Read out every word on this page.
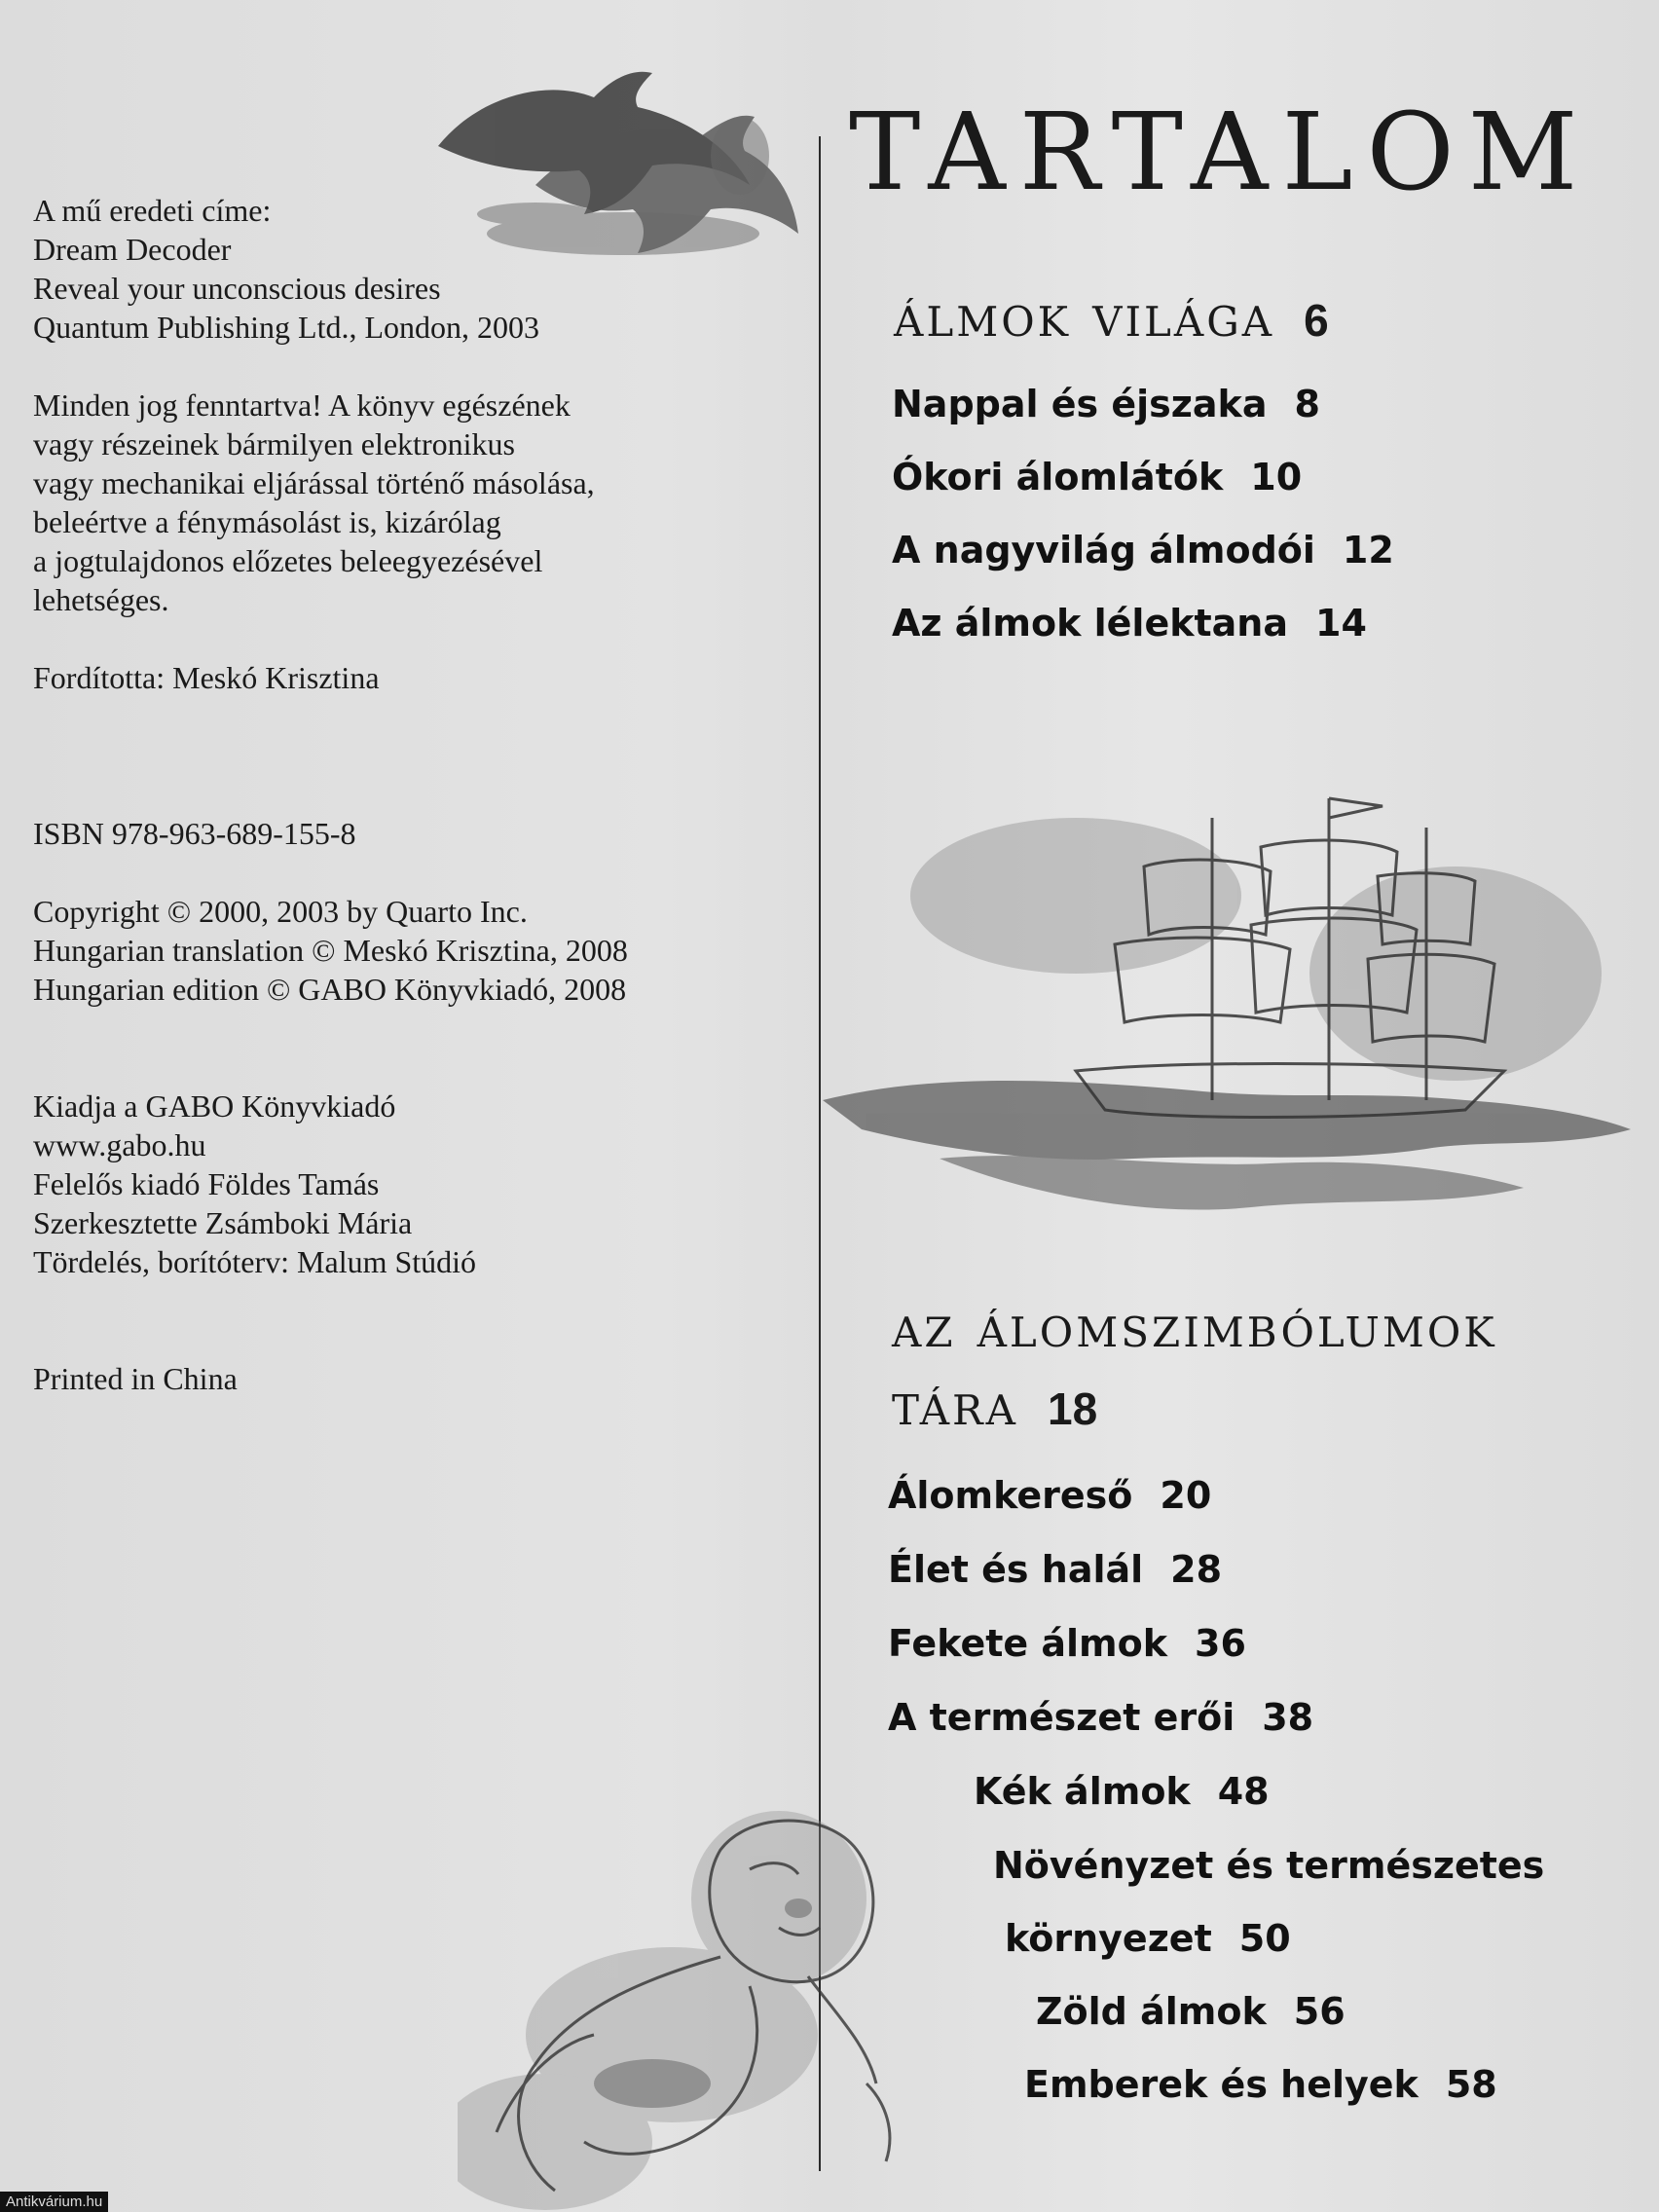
A mű eredeti címe:
Dream Decoder
Reveal your unconscious desires
Quantum Publishing Ltd., London, 2003
Minden jog fenntartva! A könyv egészének
vagy részeinek bármilyen elektronikus
vagy mechanikai eljárással történő másolása,
beleértve a fénymásolást is, kizárólag
a jogtulajdonos előzetes beleegyezésével
lehetséges.
Fordította: Meskó Krisztina
ISBN 978-963-689-155-8
Copyright © 2000, 2003 by Quarto Inc.
Hungarian translation © Meskó Krisztina, 2008
Hungarian edition © GABO Könyvkiadó, 2008
Kiadja a GABO Könyvkiadó
www.gabo.hu
Felelős kiadó Földes Tamás
Szerkesztette Zsámboki Mária
Tördelés, borítóterv: Malum Stúdió
Printed in China
TARTALOM
álmok világa 6
Nappal és éjszaka 8
Ókori álomlátók 10
A nagyvilág álmodói 12
Az álmok lélektana 14
az álomszimbólumok
tára 18
Álomkereső 20
Élet és halál 28
Fekete álmok 36
A természet erői 38
Kék álmok 48
Növényzet és természetes
környezet 50
Zöld álmok 56
Emberek és helyek 58
Antikvárium.hu
